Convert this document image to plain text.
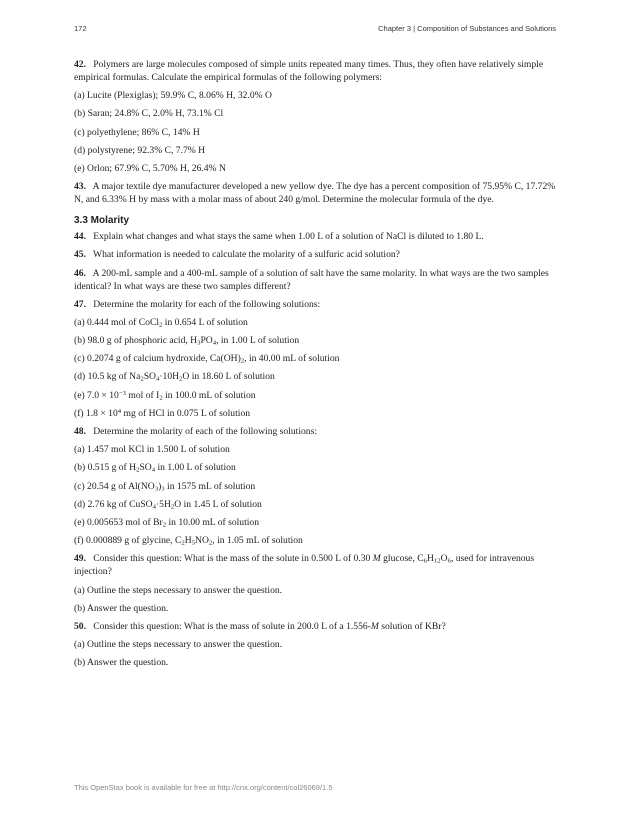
172	Chapter 3 | Composition of Substances and Solutions

42. Polymers are large molecules composed of simple units repeated many times. Thus, they often have relatively simple empirical formulas. Calculate the empirical formulas of the following polymers:

(a) Lucite (Plexiglas); 59.9% C, 8.06% H, 32.0% O

(b) Saran; 24.8% C, 2.0% H, 73.1% Cl

(c) polyethylene; 86% C, 14% H

(d) polystyrene; 92.3% C, 7.7% H

(e) Orlon; 67.9% C, 5.70% H, 26.4% N

43. A major textile dye manufacturer developed a new yellow dye. The dye has a percent composition of 75.95% C, 17.72% N, and 6.33% H by mass with a molar mass of about 240 g/mol. Determine the molecular formula of the dye.

3.3 Molarity

44. Explain what changes and what stays the same when 1.00 L of a solution of NaCl is diluted to 1.80 L.

45. What information is needed to calculate the molarity of a sulfuric acid solution?

46. A 200-mL sample and a 400-mL sample of a solution of salt have the same molarity. In what ways are the two samples identical? In what ways are these two samples different?

47. Determine the molarity for each of the following solutions:

(a) 0.444 mol of CoCl$_2$ in 0.654 L of solution

(b) 98.0 g of phosphoric acid, $H_3PO_4$, in 1.00 L of solution

(c) 0.2074 g of calcium hydroxide, $Ca(OH)_2$, in 40.00 mL of solution

(d) 10.5 kg of $Na_2SO_4\cdot 10H_2O$ in 18.60 L of solution

(e) $7.0 \times 10^{-3}$ mol of $I_2$ in 100.0 mL of solution

(f) $1.8 \times 10^4$ mg of HCl in 0.075 L of solution

48. Determine the molarity of each of the following solutions:

(a) 1.457 mol KCl in 1.500 L of solution

(b) 0.515 g of $H_2SO_4$ in 1.00 L of solution

(c) 20.54 g of $Al(NO_3)_3$ in 1575 mL of solution

(d) 2.76 kg of $CuSO_4\cdot 5H_2O$ in 1.45 L of solution

(e) 0.005653 mol of $Br_2$ in 10.00 mL of solution

(f) 0.000889 g of glycine, $C_2H_5NO_2$, in 1.05 mL of solution

49. Consider this question: What is the mass of the solute in 0.500 L of 0.30 M glucose, $C_6H_{12}O_6$, used for intravenous injection?

(a) Outline the steps necessary to answer the question.

(b) Answer the question.

50. Consider this question: What is the mass of solute in 200.0 L of a 1.556-M solution of KBr?

(a) Outline the steps necessary to answer the question.

(b) Answer the question.

This OpenStax book is available for free at http://cnx.org/content/col26069/1.5
